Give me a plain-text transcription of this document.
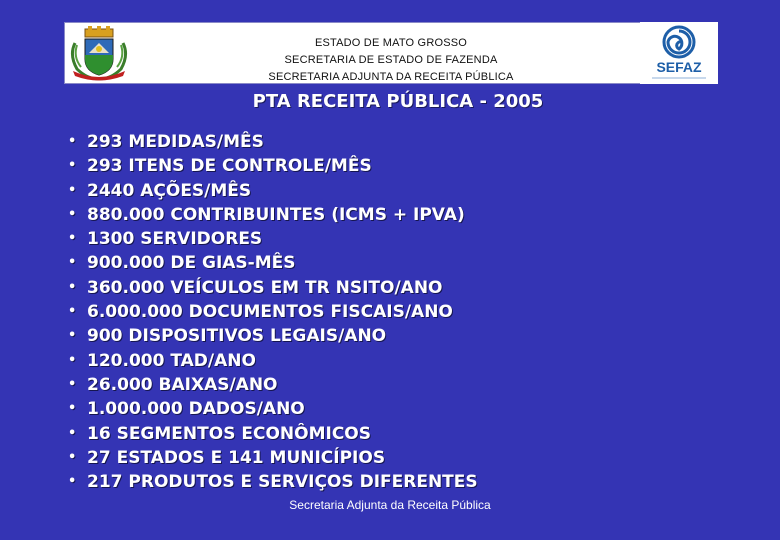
ESTADO DE MATO GROSSO
SECRETARIA DE ESTADO DE FAZENDA
SECRETARIA ADJUNTA DA RECEITA PÚBLICA
SEFAZ
PTA RECEITA PÚBLICA - 2005
• 293 MEDIDAS/MÊS
• 293 ITENS DE CONTROLE/MÊS
• 2440 AÇÕES/MÊS
• 880.000 CONTRIBUINTES (ICMS + IPVA)
• 1300 SERVIDORES
• 900.000 DE GIAS-MÊS
• 360.000 VEÍCULOS EM TR NSITO/ANO
• 6.000.000 DOCUMENTOS FISCAIS/ANO
• 900 DISPOSITIVOS LEGAIS/ANO
• 120.000 TAD/ANO
• 26.000 BAIXAS/ANO
• 1.000.000 DADOS/ANO
• 16 SEGMENTOS ECONÔMICOS
• 27 ESTADOS E 141 MUNICÍPIOS
• 217 PRODUTOS E SERVIÇOS DIFERENTES
Secretaria Adjunta da Receita Pública
